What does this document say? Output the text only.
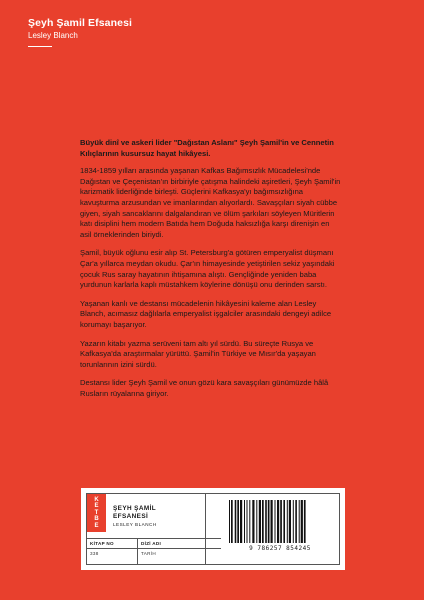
Şeyh Şamil Efsanesi
Lesley Blanch

Büyük dinî ve askeri lider "Dağıstan Aslanı" Şeyh Şamil'in ve Cennetin Kılıçlarının kusursuz hayat hikâyesi.

1834-1859 yılları arasında yaşanan Kafkas Bağımsızlık Mücadelesi'nde Dağıstan ve Çeçenistan'ın birbiriyle çatışma halindeki aşiretleri, Şeyh Şamil'in karizmatik liderliğinde birleşti. Güçlerini Kafkasya'yı bağımsızlığına kavuşturma arzusundan ve imanlarından alıyorlardı. Savaşçıları siyah cübbe giyen, siyah sancaklarını dalgalandıran ve ölüm şarkıları söyleyen Müritlerin katı disiplini hem modern Batıda hem Doğuda haksızlığa karşı direnişin en asil örneklerinden biriydi.

Şamil, büyük oğlunu esir alıp St. Petersburg'a götüren emperyalist düşmanı Çar'a yıllarca meydan okudu. Çar'ın himayesinde yetiştirilen sekiz yaşındaki çocuk Rus saray hayatının ihtişamına alıştı. Gençliğinde yeniden baba yurdunun karlarla kaplı müstahkem köylerine dönüşü onu derinden sarstı.

Yaşanan kanlı ve destansı mücadelenin hikâyesini kaleme alan Lesley Blanch, acımasız dağlılarla emperyalist işgalciler arasındaki dengeyi adilce korumayı başarıyor.

Yazarın kitabı yazma serüveni tam altı yıl sürdü. Bu süreçte Rusya ve Kafkasya'da araştırmalar yürüttü. Şamil'in Türkiye ve Mısır'da yaşayan torunlarının izini sürdü.

Destansı lider Şeyh Şamil ve onun gözü kara savaşçıları günümüzde hâlâ Rusların rüyalarına giriyor.

K
E
T
B
E
ŞEYH ŞAMİL
EFSANESİ
LESLEY BLANCH
KİTAP NO
338
DİZİ ADI
TARİH
9 786257 854245
